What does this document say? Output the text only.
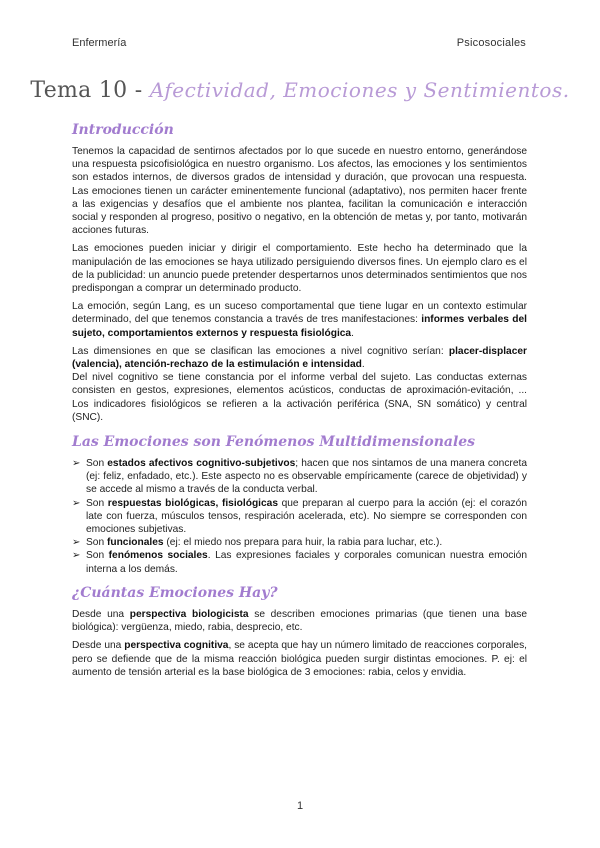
Enfermería	Psicosociales
Tema 10 - Afectividad, Emociones y Sentimientos.
Introducción

Tenemos la capacidad de sentirnos afectados por lo que sucede en nuestro entorno, generándose una respuesta psicofisiológica en nuestro organismo. Los afectos, las emociones y los sentimientos son estados internos, de diversos grados de intensidad y duración, que provocan una respuesta. Las emociones tienen un carácter eminentemente funcional (adaptativo), nos permiten hacer frente a las exigencias y desafíos que el ambiente nos plantea, facilitan la comunicación e interacción social y responden al progreso, positivo o negativo, en la obtención de metas y, por tanto, motivarán acciones futuras.

Las emociones pueden iniciar y dirigir el comportamiento. Este hecho ha determinado que la manipulación de las emociones se haya utilizado persiguiendo diversos fines. Un ejemplo claro es el de la publicidad: un anuncio puede pretender despertarnos unos determinados sentimientos que nos predispongan a comprar un determinado producto.

La emoción, según Lang, es un suceso comportamental que tiene lugar en un contexto estimular determinado, del que tenemos constancia a través de tres manifestaciones: informes verbales del sujeto, comportamientos externos y respuesta fisiológica.

Las dimensiones en que se clasifican las emociones a nivel cognitivo serían: placer-displacer (valencia), atención-rechazo de la estimulación e intensidad.

Del nivel cognitivo se tiene constancia por el informe verbal del sujeto. Las conductas externas consisten en gestos, expresiones, elementos acústicos, conductas de aproximación-evitación, ... Los indicadores fisiológicos se refieren a la activación periférica (SNA, SN somático) y central (SNC).

Las Emociones son Fenómenos Multidimensionales
➢ Son estados afectivos cognitivo-subjetivos; hacen que nos sintamos de una manera concreta (ej: feliz, enfadado, etc.). Este aspecto no es observable empíricamente (carece de objetividad) y se accede al mismo a través de la conducta verbal.
➢ Son respuestas biológicas, fisiológicas que preparan al cuerpo para la acción (ej: el corazón late con fuerza, músculos tensos, respiración acelerada, etc). No siempre se corresponden con emociones subjetivas.
➢ Son funcionales (ej: el miedo nos prepara para huir, la rabia para luchar, etc.).
➢ Son fenómenos sociales. Las expresiones faciales y corporales comunican nuestra emoción interna a los demás.
¿Cuántas Emociones Hay?

Desde una perspectiva biologicista se describen emociones primarias (que tienen una base biológica): vergüenza, miedo, rabia, desprecio, etc.

Desde una perspectiva cognitiva, se acepta que hay un número limitado de reacciones corporales, pero se defiende que de la misma reacción biológica pueden surgir distintas emociones. P. ej: el aumento de tensión arterial es la base biológica de 3 emociones: rabia, celos y envidia.

1
